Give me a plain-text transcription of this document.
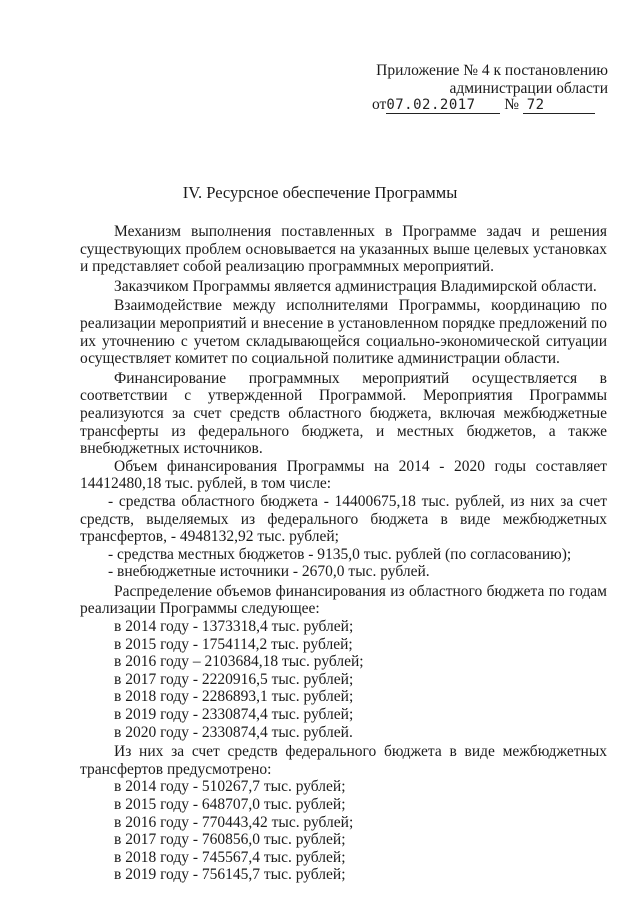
Приложение № 4 к постановлению
администрации области
от07.02.2017 № 72
IV. Ресурсное обеспечение Программы

Механизм выполнения поставленных в Программе задач и решения существующих проблем основывается на указанных выше целевых установках и представляет собой реализацию программных мероприятий.

Заказчиком Программы является администрация Владимирской области.

Взаимодействие между исполнителями Программы, координацию по реализации мероприятий и внесение в установленном порядке предложений по их уточнению с учетом складывающейся социально-экономической ситуации осуществляет комитет по социальной политике администрации области.

Финансирование программных мероприятий осуществляется в соответствии с утвержденной Программой. Мероприятия Программы реализуются за счет средств областного бюджета, включая межбюджетные трансферты из федерального бюджета, и местных бюджетов, а также внебюджетных источников.

Объем финансирования Программы на 2014 - 2020 годы составляет 14412480,18 тыс. рублей, в том числе:

- средства областного бюджета - 14400675,18 тыс. рублей, из них за счет средств, выделяемых из федерального бюджета в виде межбюджетных трансфертов, - 4948132,92 тыс. рублей;

- средства местных бюджетов - 9135,0 тыс. рублей (по согласованию);

- внебюджетные источники - 2670,0 тыс. рублей.

Распределение объемов финансирования из областного бюджета по годам реализации Программы следующее:

в 2014 году - 1373318,4 тыс. рублей;

в 2015 году - 1754114,2 тыс. рублей;

в 2016 году – 2103684,18 тыс. рублей;

в 2017 году - 2220916,5 тыс. рублей;

в 2018 году - 2286893,1 тыс. рублей;

в 2019 году - 2330874,4 тыс. рублей;

в 2020 году - 2330874,4 тыс. рублей.

Из них за счет средств федерального бюджета в виде межбюджетных трансфертов предусмотрено:

в 2014 году - 510267,7 тыс. рублей;

в 2015 году - 648707,0 тыс. рублей;

в 2016 году - 770443,42 тыс. рублей;

в 2017 году - 760856,0 тыс. рублей;

в 2018 году - 745567,4 тыс. рублей;

в 2019 году - 756145,7 тыс. рублей;
